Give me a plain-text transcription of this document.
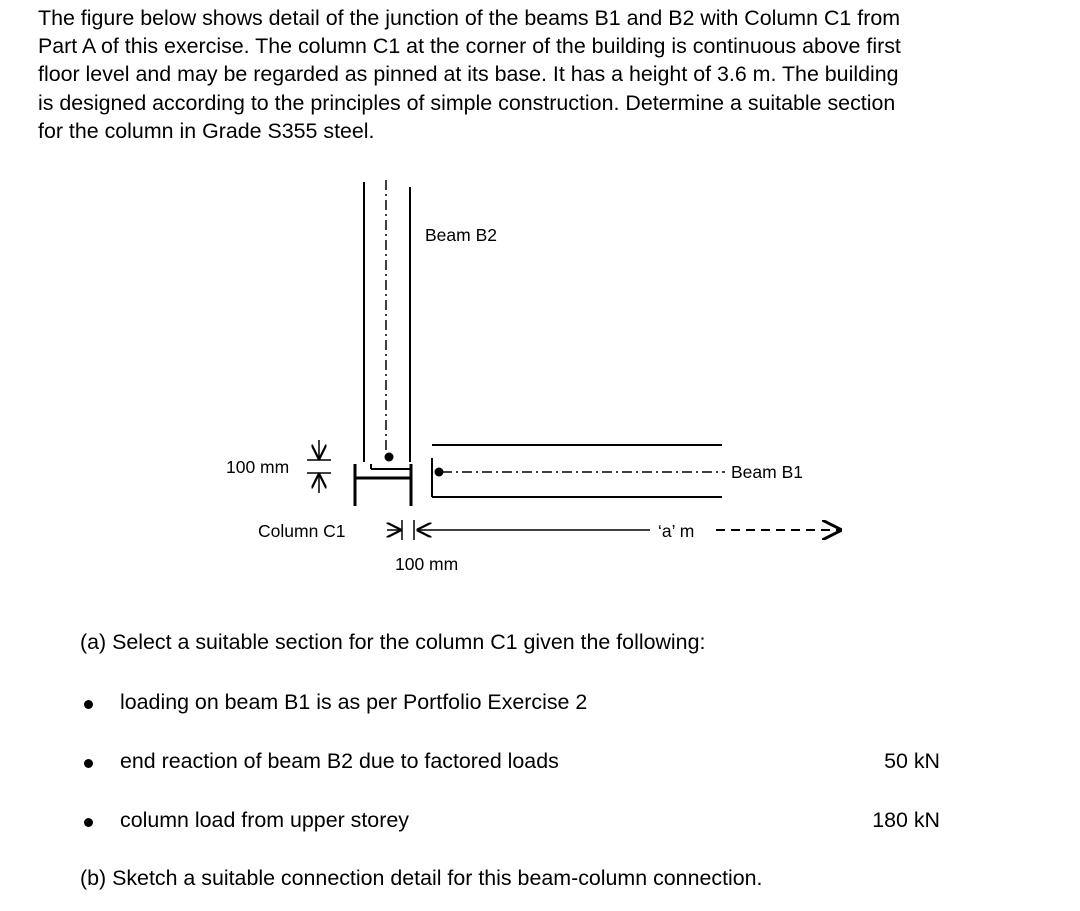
The figure below shows detail of the junction of the beams B1 and B2 with Column C1 from
Part A of this exercise. The column C1 at the corner of the building is continuous above first
floor level and may be regarded as pinned at its base. It has a height of 3.6 m. The building
is designed according to the principles of simple construction. Determine a suitable section
for the column in Grade S355 steel.

Beam B2
Column C1
Beam B1
100 mm
100 mm
‘a’ m
(a) Select a suitable section for the column C1 given the following:
loading on beam B1 is as per Portfolio Exercise 2
end reaction of beam B2 due to factored loads	50 kN
column load from upper storey	180 kN
(b) Sketch a suitable connection detail for this beam-column connection.
